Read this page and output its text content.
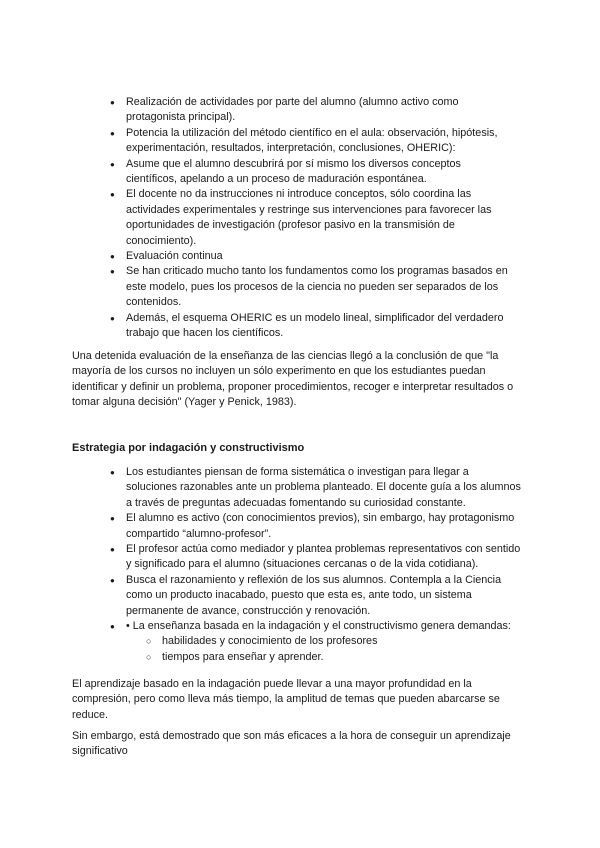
● Realización de actividades por parte del alumno (alumno activo como protagonista principal).
● Potencia la utilización del método científico en el aula: observación, hipótesis, experimentación, resultados, interpretación, conclusiones, OHERIC):
● Asume que el alumno descubrirá por sí mismo los diversos conceptos científicos, apelando a un proceso de maduración espontánea.
● El docente no da instrucciones ni introduce conceptos, sólo coordina las actividades experimentales y restringe sus intervenciones para favorecer las oportunidades de investigación (profesor pasivo en la transmisión de conocimiento).
● Evaluación continua
● Se han criticado mucho tanto los fundamentos como los programas basados en este modelo, pues los procesos de la ciencia no pueden ser separados de los contenidos.
● Además, el esquema OHERIC es un modelo lineal, simplificador del verdadero trabajo que hacen los científicos.

Una detenida evaluación de la enseñanza de las ciencias llegó a la conclusión de que "la mayoría de los cursos no incluyen un sólo experimento en que los estudiantes puedan identificar y definir un problema, proponer procedimientos, recoger e interpretar resultados o tomar alguna decisión" (Yager y Penick, 1983).

Estrategia por indagación y constructivismo
● Los estudiantes piensan de forma sistemática o investigan para llegar a soluciones razonables ante un problema planteado. El docente guía a los alumnos a través de preguntas adecuadas fomentando su curiosidad constante.
● El alumno es activo (con conocimientos previos), sin embargo, hay protagonismo compartido “alumno-profesor”.
● El profesor actúa como mediador y plantea problemas representativos con sentido y significado para el alumno (situaciones cercanas o de la vida cotidiana).
● Busca el razonamiento y reflexión de los sus alumnos. Contempla a la Ciencia como un producto inacabado, puesto que esta es, ante todo, un sistema permanente de avance, construcción y renovación.
● • La enseñanza basada en la indagación y el constructivismo genera demandas:
○ habilidades y conocimiento de los profesores
○ tiempos para enseñar y aprender.

El aprendizaje basado en la indagación puede llevar a una mayor profundidad en la compresión, pero como lleva más tiempo, la amplitud de temas que pueden abarcarse se reduce.

Sin embargo, está demostrado que son más eficaces a la hora de conseguir un aprendizaje significativo
